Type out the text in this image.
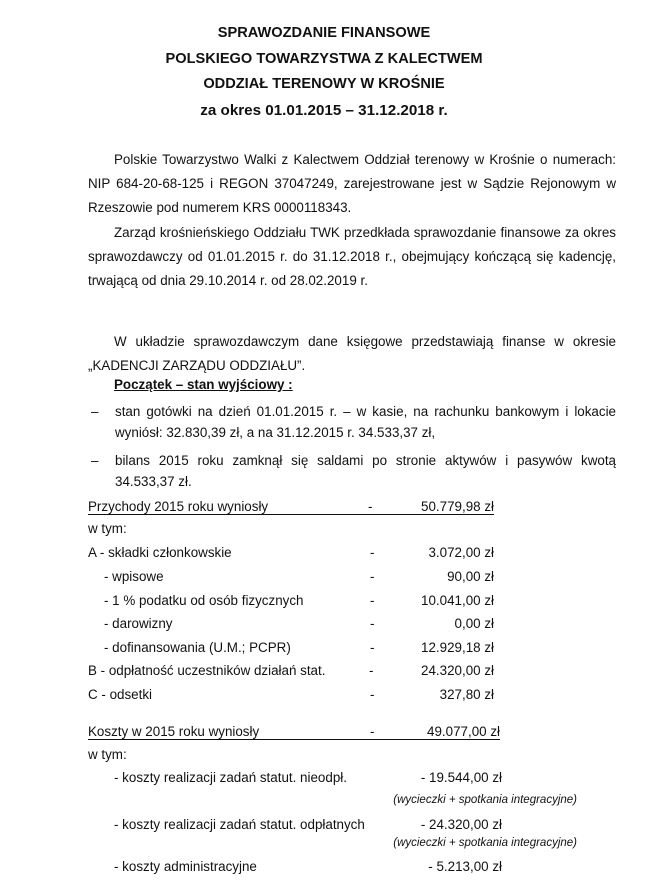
SPRAWOZDANIE FINANSOWE
POLSKIEGO TOWARZYSTWA Z KALECTWEM
ODDZIAŁ TERENOWY W KROŚNIE
za okres 01.01.2015 – 31.12.2018 r.
Polskie Towarzystwo Walki z Kalectwem Oddział terenowy w Krośnie o numerach: NIP 684-20-68-125 i REGON 37047249, zarejestrowane jest w Sądzie Rejonowym w Rzeszowie pod numerem KRS 0000118343.
Zarząd krośnieńskiego Oddziału TWK przedkłada sprawozdanie finansowe za okres sprawozdawczy od 01.01.2015 r. do 31.12.2018 r., obejmujący kończącą się kadencję, trwającą od dnia 29.10.2014 r. od 28.02.2019 r.
W układzie sprawozdawczym dane księgowe przedstawiają finanse w okresie „KADENCJI ZARZĄDU ODDZIAŁU”.
Początek – stan wyjściowy :
– stan gotówki na dzień 01.01.2015 r. – w kasie, na rachunku bankowym i lokacie wyniósł: 32.830,39 zł, a na 31.12.2015 r. 34.533,37 zł,
– bilans 2015 roku zamknął się saldami po stronie aktywów i pasywów kwotą 34.533,37 zł.
Przychody 2015 roku wyniosły	-	50.779,98 zł
w tym:
A - składki członkowskie	-	3.072,00 zł
- wpisowe	-	90,00 zł
- 1 % podatku od osób fizycznych	-	10.041,00 zł
- darowizny	-	0,00 zł
- dofinansowania (U.M.; PCPR)	-	12.929,18 zł
B - odpłatność uczestników działań stat.	-	24.320,00 zł
C - odsetki	-	327,80 zł
Koszty w 2015 roku wyniosły	-	49.077,00 zł
w tym:
- koszty realizacji zadań statut. nieodpł.	- 19.544,00 zł
(wycieczki + spotkania integracyjne)
- koszty realizacji zadań statut. odpłatnych	- 24.320,00 zł
(wycieczki + spotkania integracyjne)
- koszty administracyjne	- 5.213,00 zł
